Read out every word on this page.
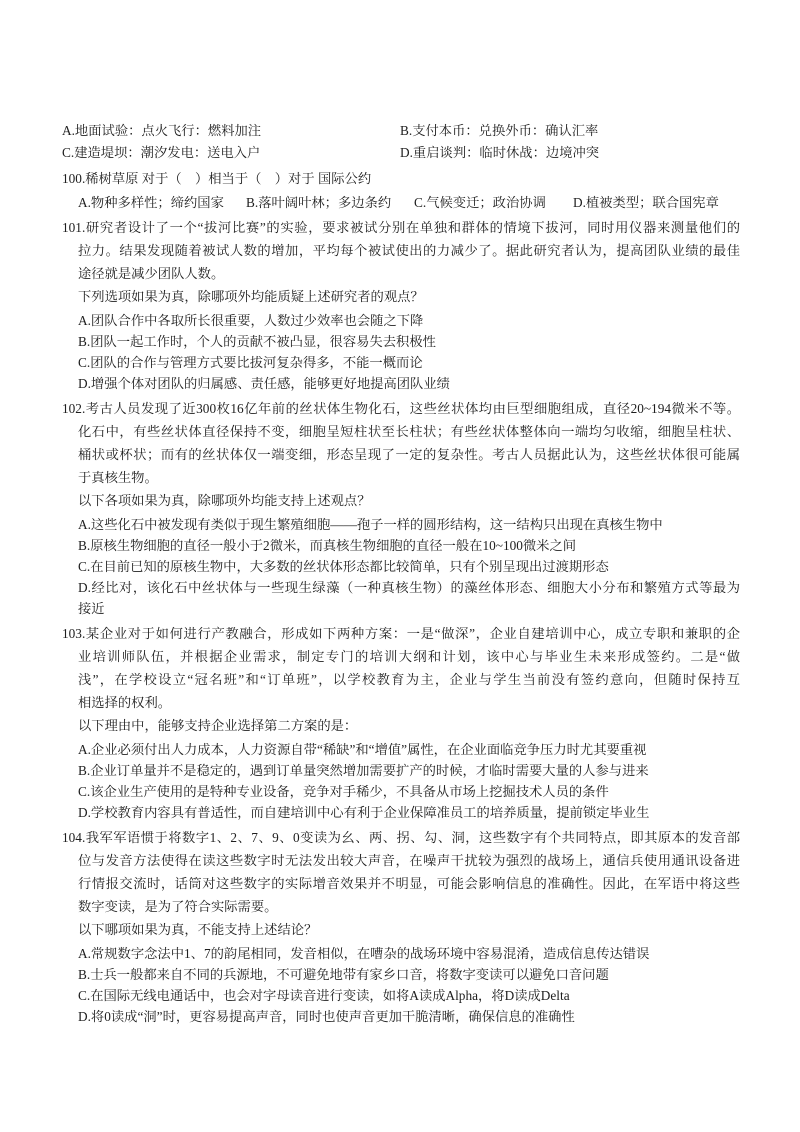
A.地面试验：点火飞行：燃料加注	B.支付本币：兑换外币：确认汇率
C.建造堤坝：潮汐发电：送电入户	D.重启谈判：临时休战：边境冲突
100.稀树草原 对于（    ）相当于（    ）对于 国际公约
A.物种多样性；缔约国家 B.落叶阔叶林；多边条约 C.气候变迁；政治协调 D.植被类型；联合国宪章
101.研究者设计了一个“拔河比赛”的实验，要求被试分别在单独和群体的情境下拔河，同时用仪器来测量他们的
拉力。结果发现随着被试人数的增加，平均每个被试使出的力减少了。据此研究者认为，提高团队业绩的最佳
途径就是减少团队人数。
下列选项如果为真，除哪项外均能质疑上述研究者的观点？
A.团队合作中各取所长很重要，人数过少效率也会随之下降
B.团队一起工作时，个人的贡献不被凸显，很容易失去积极性
C.团队的合作与管理方式要比拔河复杂得多，不能一概而论
D.增强个体对团队的归属感、责任感，能够更好地提高团队业绩
102.考古人员发现了近300枚16亿年前的丝状体生物化石，这些丝状体均由巨型细胞组成，直径20~194微米不等。
化石中，有些丝状体直径保持不变，细胞呈短柱状至长柱状；有些丝状体整体向一端均匀收缩，细胞呈柱状、
桶状或杯状；而有的丝状体仅一端变细，形态呈现了一定的复杂性。考古人员据此认为，这些丝状体很可能属
于真核生物。
以下各项如果为真，除哪项外均能支持上述观点？
A.这些化石中被发现有类似于现生繁殖细胞——孢子一样的圆形结构，这一结构只出现在真核生物中
B.原核生物细胞的直径一般小于2微米，而真核生物细胞的直径一般在10~100微米之间
C.在目前已知的原核生物中，大多数的丝状体形态都比较简单，只有个别呈现出过渡期形态
D.经比对，该化石中丝状体与一些现生绿藻（一种真核生物）的藻丝体形态、细胞大小分布和繁殖方式等最为
接近
103.某企业对于如何进行产教融合，形成如下两种方案：一是“做深”，企业自建培训中心，成立专职和兼职的企
业培训师队伍，并根据企业需求，制定专门的培训大纲和计划，该中心与毕业生未来形成签约。二是“做
浅”，在学校设立“冠名班”和“订单班”，以学校教育为主，企业与学生当前没有签约意向，但随时保持互
相选择的权利。
以下理由中，能够支持企业选择第二方案的是：
A.企业必须付出人力成本，人力资源自带“稀缺”和“增值”属性，在企业面临竞争压力时尤其要重视
B.企业订单量并不是稳定的，遇到订单量突然增加需要扩产的时候，才临时需要大量的人参与进来
C.该企业生产使用的是特种专业设备，竞争对手稀少，不具备从市场上挖掘技术人员的条件
D.学校教育内容具有普适性，而自建培训中心有利于企业保障准员工的培养质量，提前锁定毕业生
104.我军军语惯于将数字1、2、7、9、0变读为幺、两、拐、勾、洞，这些数字有个共同特点，即其原本的发音部
位与发音方法使得在读这些数字时无法发出较大声音，在噪声干扰较为强烈的战场上，通信兵使用通讯设备进
行情报交流时，话筒对这些数字的实际增音效果并不明显，可能会影响信息的准确性。因此，在军语中将这些
数字变读，是为了符合实际需要。
以下哪项如果为真，不能支持上述结论？
A.常规数字念法中1、7的韵尾相同，发音相似，在嘈杂的战场环境中容易混淆，造成信息传达错误
B.士兵一般都来自不同的兵源地，不可避免地带有家乡口音，将数字变读可以避免口音问题
C.在国际无线电通话中，也会对字母读音进行变读，如将A读成Alpha，将D读成Delta
D.将0读成“洞”时，更容易提高声音，同时也使声音更加干脆清晰，确保信息的准确性
